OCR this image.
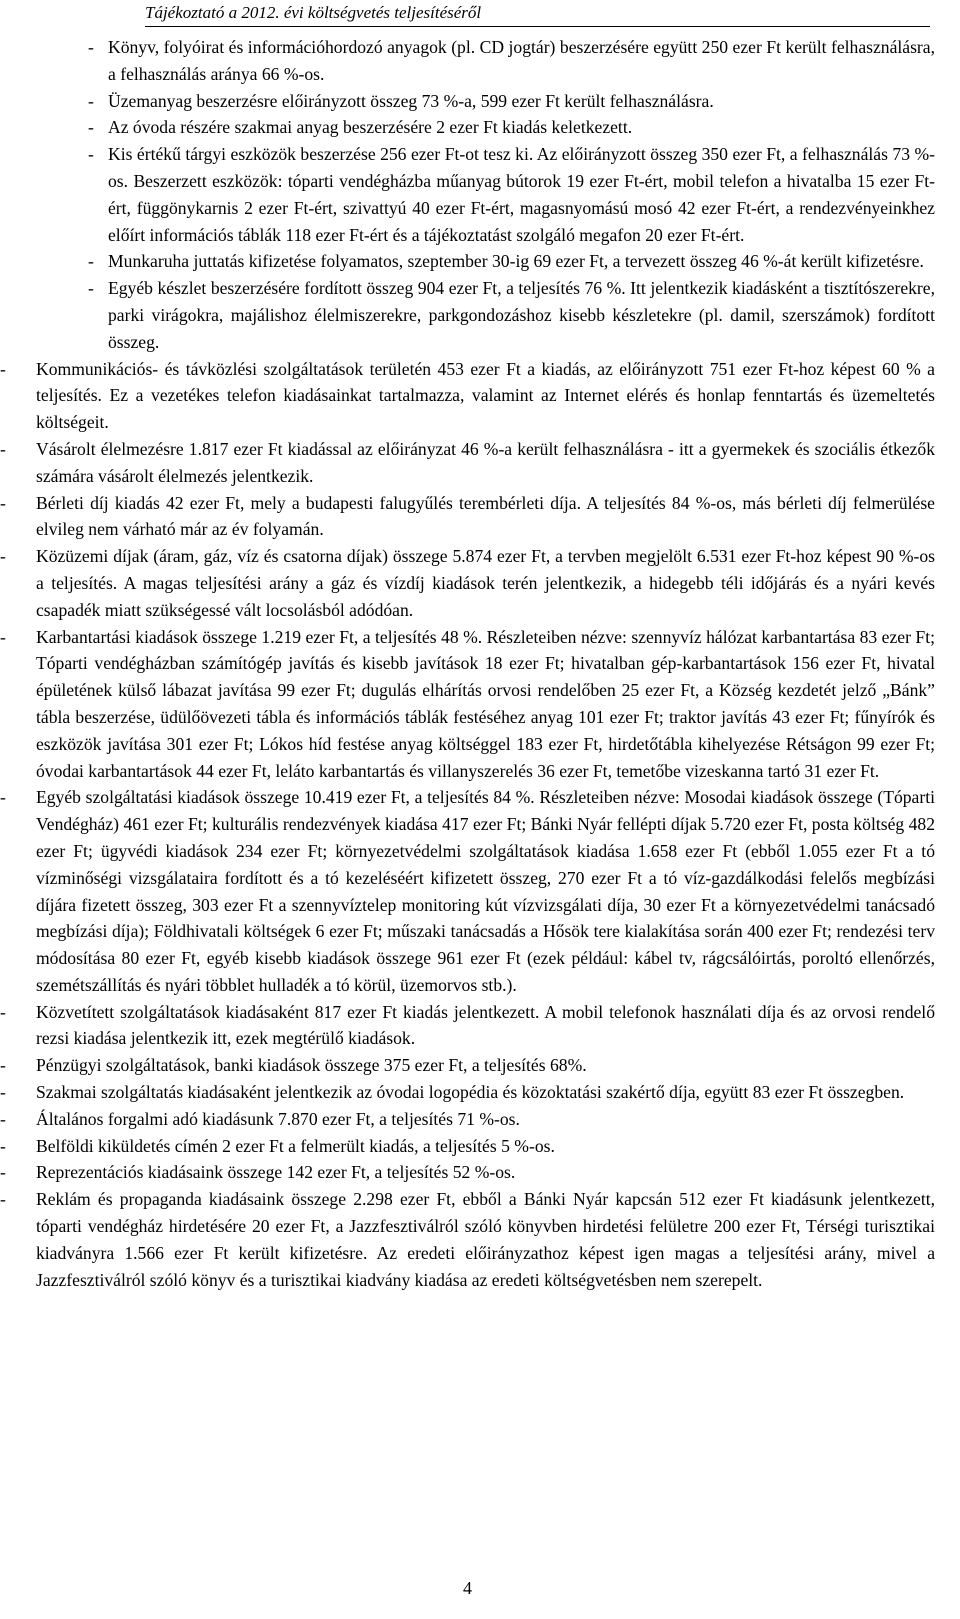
Tájékoztató a 2012. évi költségvetés teljesítéséről
- Könyv, folyóirat és információhordozó anyagok (pl. CD jogtár) beszerzésére együtt 250 ezer Ft került felhasználásra, a felhasználás aránya 66 %-os.
- Üzemanyag beszerzésre előirányzott összeg 73 %-a, 599 ezer Ft került felhasználásra.
- Az óvoda részére szakmai anyag beszerzésére 2 ezer Ft kiadás keletkezett.
- Kis értékű tárgyi eszközök beszerzése 256 ezer Ft-ot tesz ki. Az előirányzott összeg 350 ezer Ft, a felhasználás 73 %-os. Beszerzett eszközök: tóparti vendégházba műanyag bútorok 19 ezer Ft-ért, mobil telefon a hivatalba 15 ezer Ft-ért, függönykarnis 2 ezer Ft-ért, szivattyú 40 ezer Ft-ért, magasnyomású mosó 42 ezer Ft-ért, a rendezvényeinkhez előírt információs táblák 118 ezer Ft-ért és a tájékoztatást szolgáló megafon 20 ezer Ft-ért.
- Munkaruha juttatás kifizetése folyamatos, szeptember 30-ig 69 ezer Ft, a tervezett összeg 46 %-át került kifizetésre.
- Egyéb készlet beszerzésére fordított összeg 904 ezer Ft, a teljesítés 76 %. Itt jelentkezik kiadásként a tisztítószerekre, parki virágokra, majálishoz élelmiszerekre, parkgondozáshoz kisebb készletekre (pl. damil, szerszámok) fordított összeg.
- Kommunikációs- és távközlési szolgáltatások területén 453 ezer Ft a kiadás, az előirányzott 751 ezer Ft-hoz képest 60 % a teljesítés. Ez a vezetékes telefon kiadásainkat tartalmazza, valamint az Internet elérés és honlap fenntartás és üzemeltetés költségeit.
- Vásárolt élelmezésre 1.817 ezer Ft kiadással az előirányzat 46 %-a került felhasználásra - itt a gyermekek és szociális étkezők számára vásárolt élelmezés jelentkezik.
- Bérleti díj kiadás 42 ezer Ft, mely a budapesti falugyűlés terembérleti díja. A teljesítés 84 %-os, más bérleti díj felmerülése elvileg nem várható már az év folyamán.
- Közüzemi díjak (áram, gáz, víz és csatorna díjak) összege 5.874 ezer Ft, a tervben megjelölt 6.531 ezer Ft-hoz képest 90 %-os a teljesítés. A magas teljesítési arány a gáz és vízdíj kiadások terén jelentkezik, a hidegebb téli időjárás és a nyári kevés csapadék miatt szükségessé vált locsolásból adódóan.
- Karbantartási kiadások összege 1.219 ezer Ft, a teljesítés 48 %. Részleteiben nézve: szennyvíz hálózat karbantartása 83 ezer Ft; Tóparti vendégházban számítógép javítás és kisebb javítások 18 ezer Ft; hivatalban gép-karbantartások 156 ezer Ft, hivatal épületének külső lábazat javítása 99 ezer Ft; dugulás elhárítás orvosi rendelőben 25 ezer Ft, a Község kezdetét jelző „Bánk” tábla beszerzése, üdülőövezeti tábla és információs táblák festéséhez anyag 101 ezer Ft; traktor javítás 43 ezer Ft; fűnyírók és eszközök javítása 301 ezer Ft; Lókos híd festése anyag költséggel 183 ezer Ft, hirdetőtábla kihelyezése Rétságon 99 ezer Ft; óvodai karbantartások 44 ezer Ft, leláto karbantartás és villanyszerelés 36 ezer Ft, temetőbe vizeskanna tartó 31 ezer Ft.
- Egyéb szolgáltatási kiadások összege 10.419 ezer Ft, a teljesítés 84 %. Részleteiben nézve: Mosodai kiadások összege (Tóparti Vendégház) 461 ezer Ft; kulturális rendezvények kiadása 417 ezer Ft; Bánki Nyár fellépti díjak 5.720 ezer Ft, posta költség 482 ezer Ft; ügyvédi kiadások 234 ezer Ft; környezetvédelmi szolgáltatások kiadása 1.658 ezer Ft (ebből 1.055 ezer Ft a tó vízminőségi vizsgálataira fordított és a tó kezeléséért kifizetett összeg, 270 ezer Ft a tó víz-gazdálkodási felelős megbízási díjára fizetett összeg, 303 ezer Ft a szennyvíztelep monitoring kút vízvizsgálati díja, 30 ezer Ft a környezetvédelmi tanácsadó megbízási díja); Földhivatali költségek 6 ezer Ft; műszaki tanácsadás a Hősök tere kialakítása során 400 ezer Ft; rendezési terv módosítása 80 ezer Ft, egyéb kisebb kiadások összege 961 ezer Ft (ezek például: kábel tv, rágcsálóirtás, poroltó ellenőrzés, szemétszállítás és nyári többlet hulladék a tó körül, üzemorvos stb.).
- Közvetített szolgáltatások kiadásaként 817 ezer Ft kiadás jelentkezett. A mobil telefonok használati díja és az orvosi rendelő rezsi kiadása jelentkezik itt, ezek megtérülő kiadások.
- Pénzügyi szolgáltatások, banki kiadások összege 375 ezer Ft, a teljesítés 68%.
- Szakmai szolgáltatás kiadásaként jelentkezik az óvodai logopédia és közoktatási szakértő díja, együtt 83 ezer Ft összegben.
- Általános forgalmi adó kiadásunk 7.870 ezer Ft, a teljesítés 71 %-os.
- Belföldi kiküldetés címén 2 ezer Ft a felmerült kiadás, a teljesítés 5 %-os.
- Reprezentációs kiadásaink összege 142 ezer Ft, a teljesítés 52 %-os.
- Reklám és propaganda kiadásaink összege 2.298 ezer Ft, ebből a Bánki Nyár kapcsán 512 ezer Ft kiadásunk jelentkezett, tóparti vendégház hirdetésére 20 ezer Ft, a Jazzfesztiválról szóló könyvben hirdetési felületre 200 ezer Ft, Térségi turisztikai kiadványra 1.566 ezer Ft került kifizetésre. Az eredeti előirányzathoz képest igen magas a teljesítési arány, mivel a Jazzfesztiválról szóló könyv és a turisztikai kiadvány kiadása az eredeti költségvetésben nem szerepelt.
4
